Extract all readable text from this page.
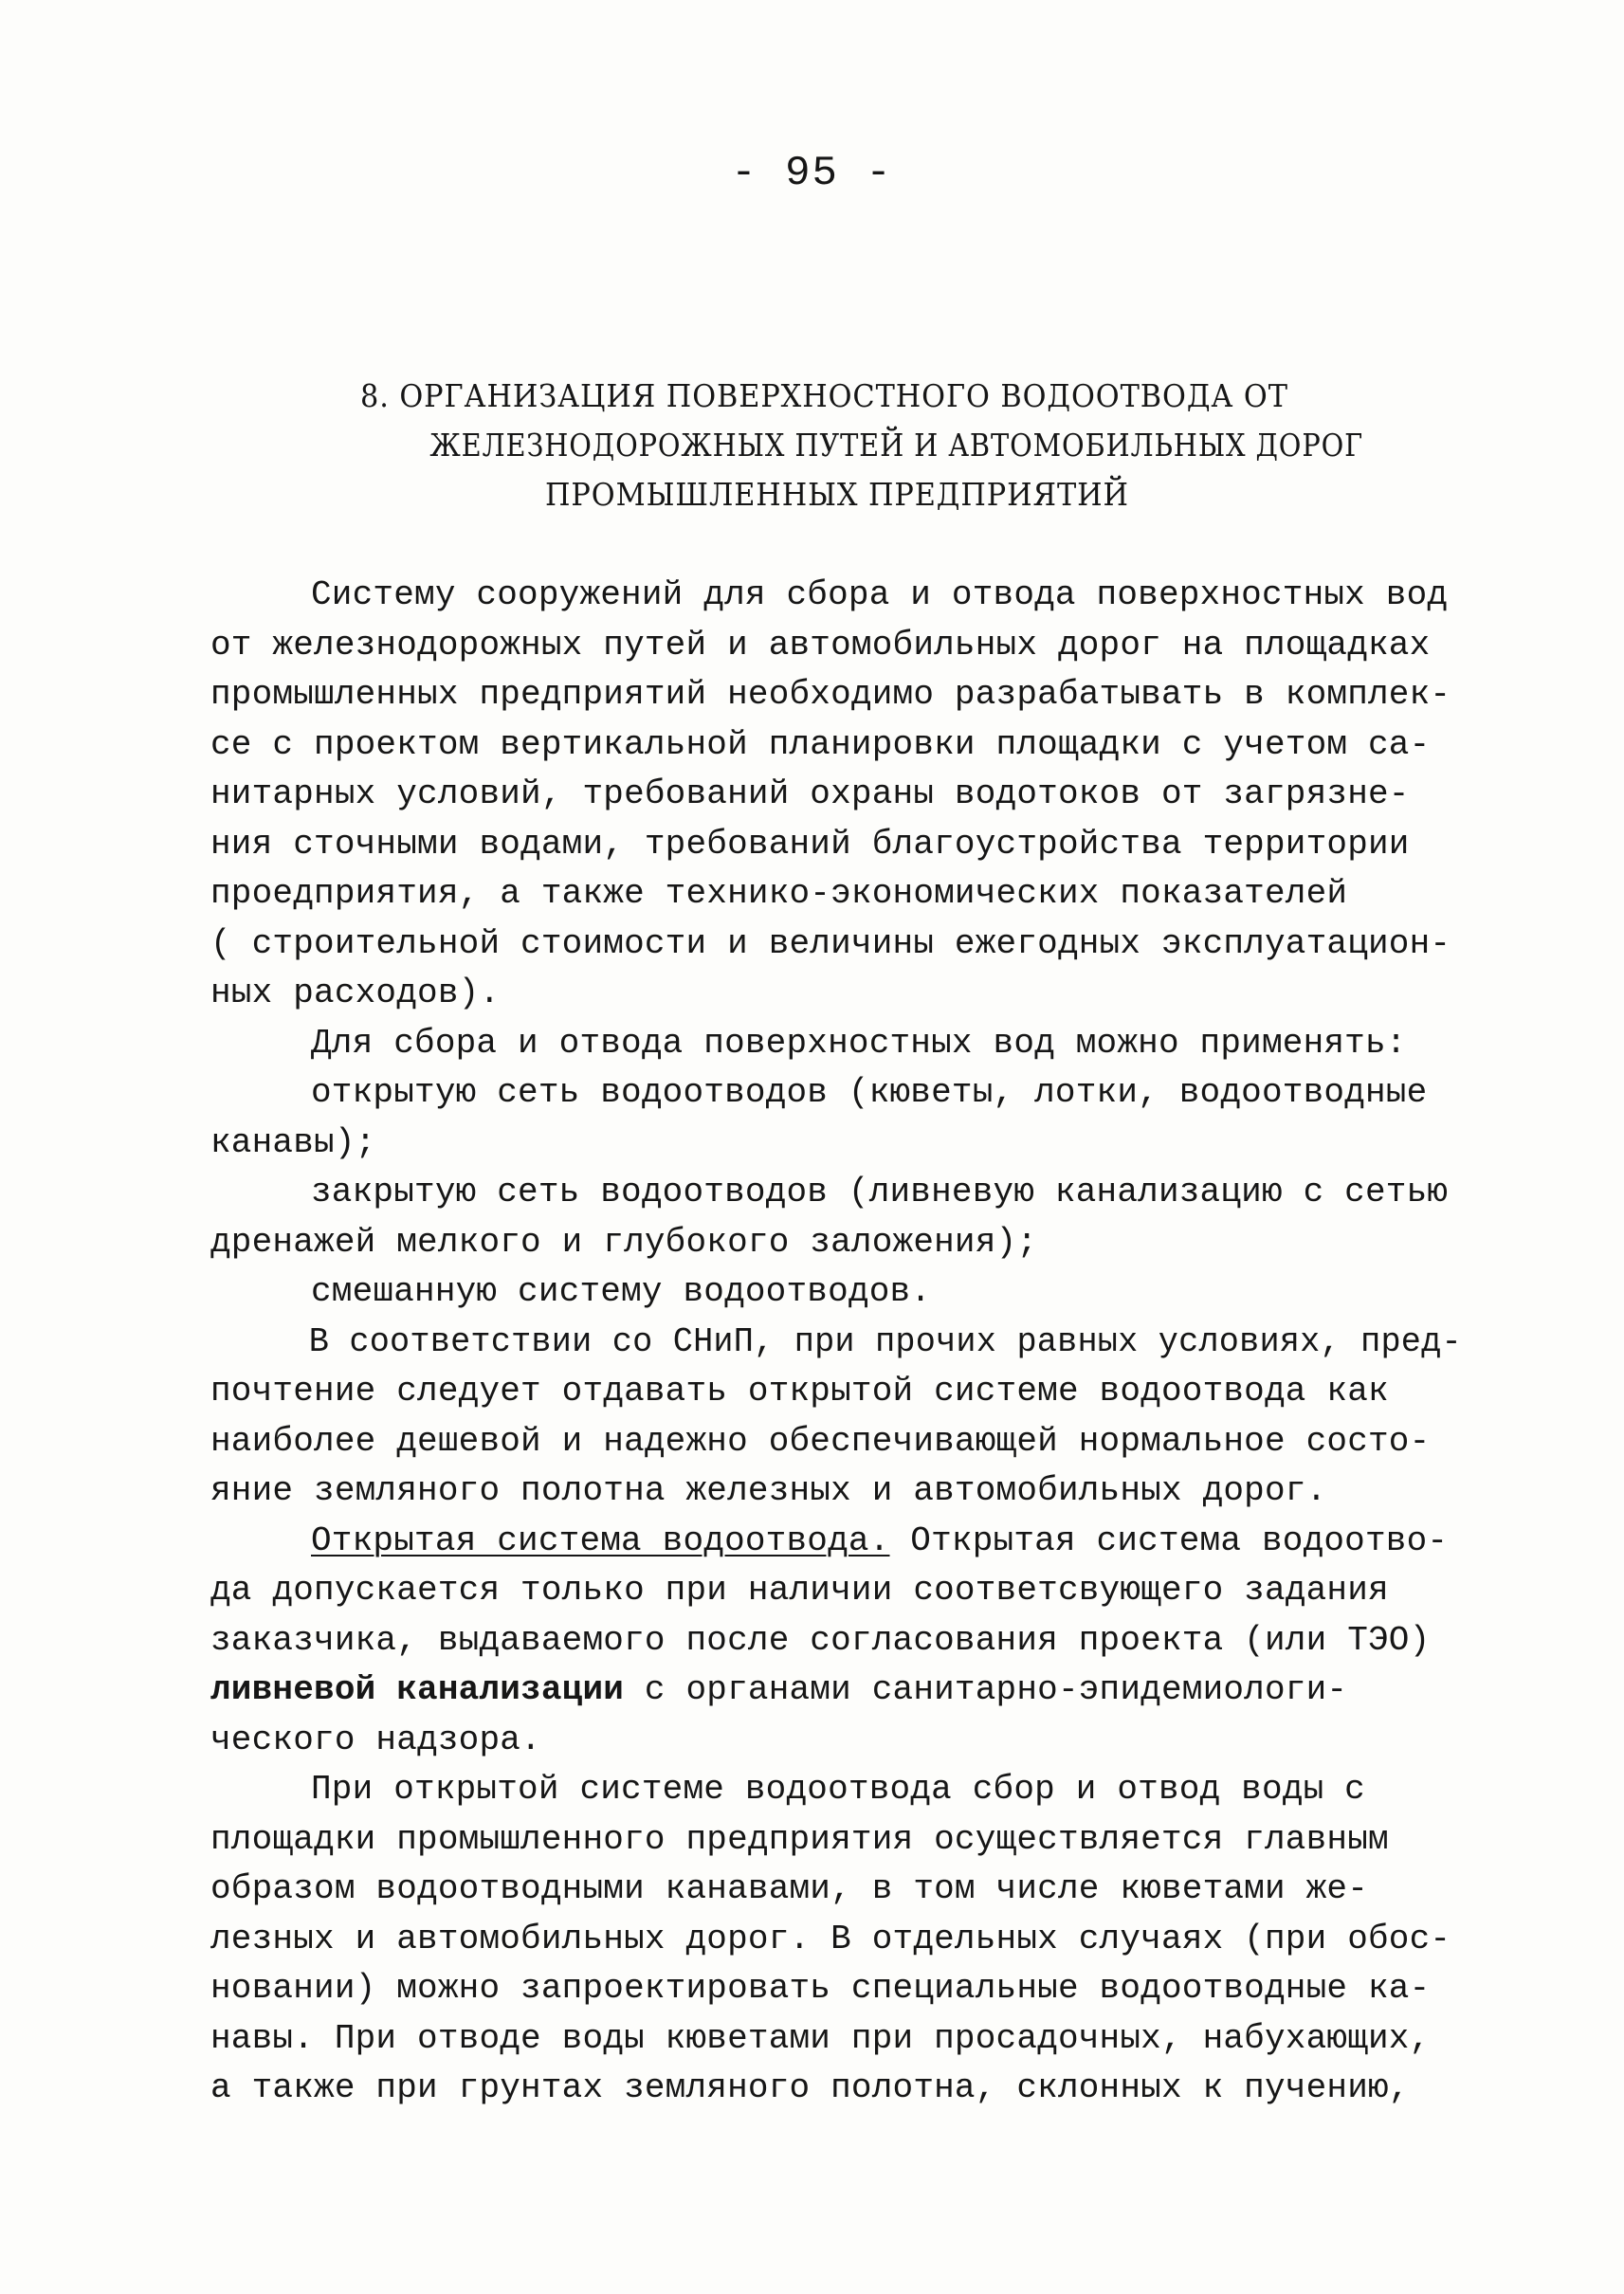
- 95 -
8. ОРГАНИЗАЦИЯ ПОВЕРХНОСТНОГО ВОДООТВОДА ОТ
ЖЕЛЕЗНОДОРОЖНЫХ ПУТЕЙ И АВТОМОБИЛЬНЫХ ДОРОГ
ПРОМЫШЛЕННЫХ ПРЕДПРИЯТИЙ
Систему сооружений для сбора и отвода поверхностных вод
от железнодорожных путей и автомобильных дорог на площадках
промышленных предприятий необходимо разрабатывать в комплек-
се с проектом вертикальной планировки площадки с учетом са-
нитарных условий, требований охраны водотоков от загрязне-
ния сточными водами, требований благоустройства территории
проедприятия, а также технико-экономических показателей
( строительной стоимости и величины ежегодных эксплуатацион-
ных расходов).
Для сбора и отвода поверхностных вод можно применять:
открытую сеть водоотводов (кюветы, лотки, водоотводные
канавы);
закрытую сеть водоотводов (ливневую канализацию с сетью
дренажей мелкого и глубокого заложения);
смешанную систему водоотводов.
В соответствии со СНиП, при прочих равных условиях, пред-
почтение следует отдавать открытой системе водоотвода как
наиболее дешевой и надежно обеспечивающей нормальное состо-
яние земляного полотна железных и автомобильных дорог.
Открытая система водоотвода. Открытая система водоотво-
да допускается только при наличии соответсвующего задания
заказчика, выдаваемого после согласования проекта (или ТЭО)
ливневой канализации с органами санитарно-эпидемиологи-
ческого надзора.
При открытой системе водоотвода сбор и отвод воды с
площадки промышленного предприятия осуществляется главным
образом водоотводными канавами, в том числе кюветами же-
лезных и автомобильных дорог. В отдельных случаях (при обос-
новании) можно запроектировать специальные водоотводные ка-
навы. При отводе воды кюветами при просадочных, набухающих,
а также при грунтах земляного полотна, склонных к пучению,
